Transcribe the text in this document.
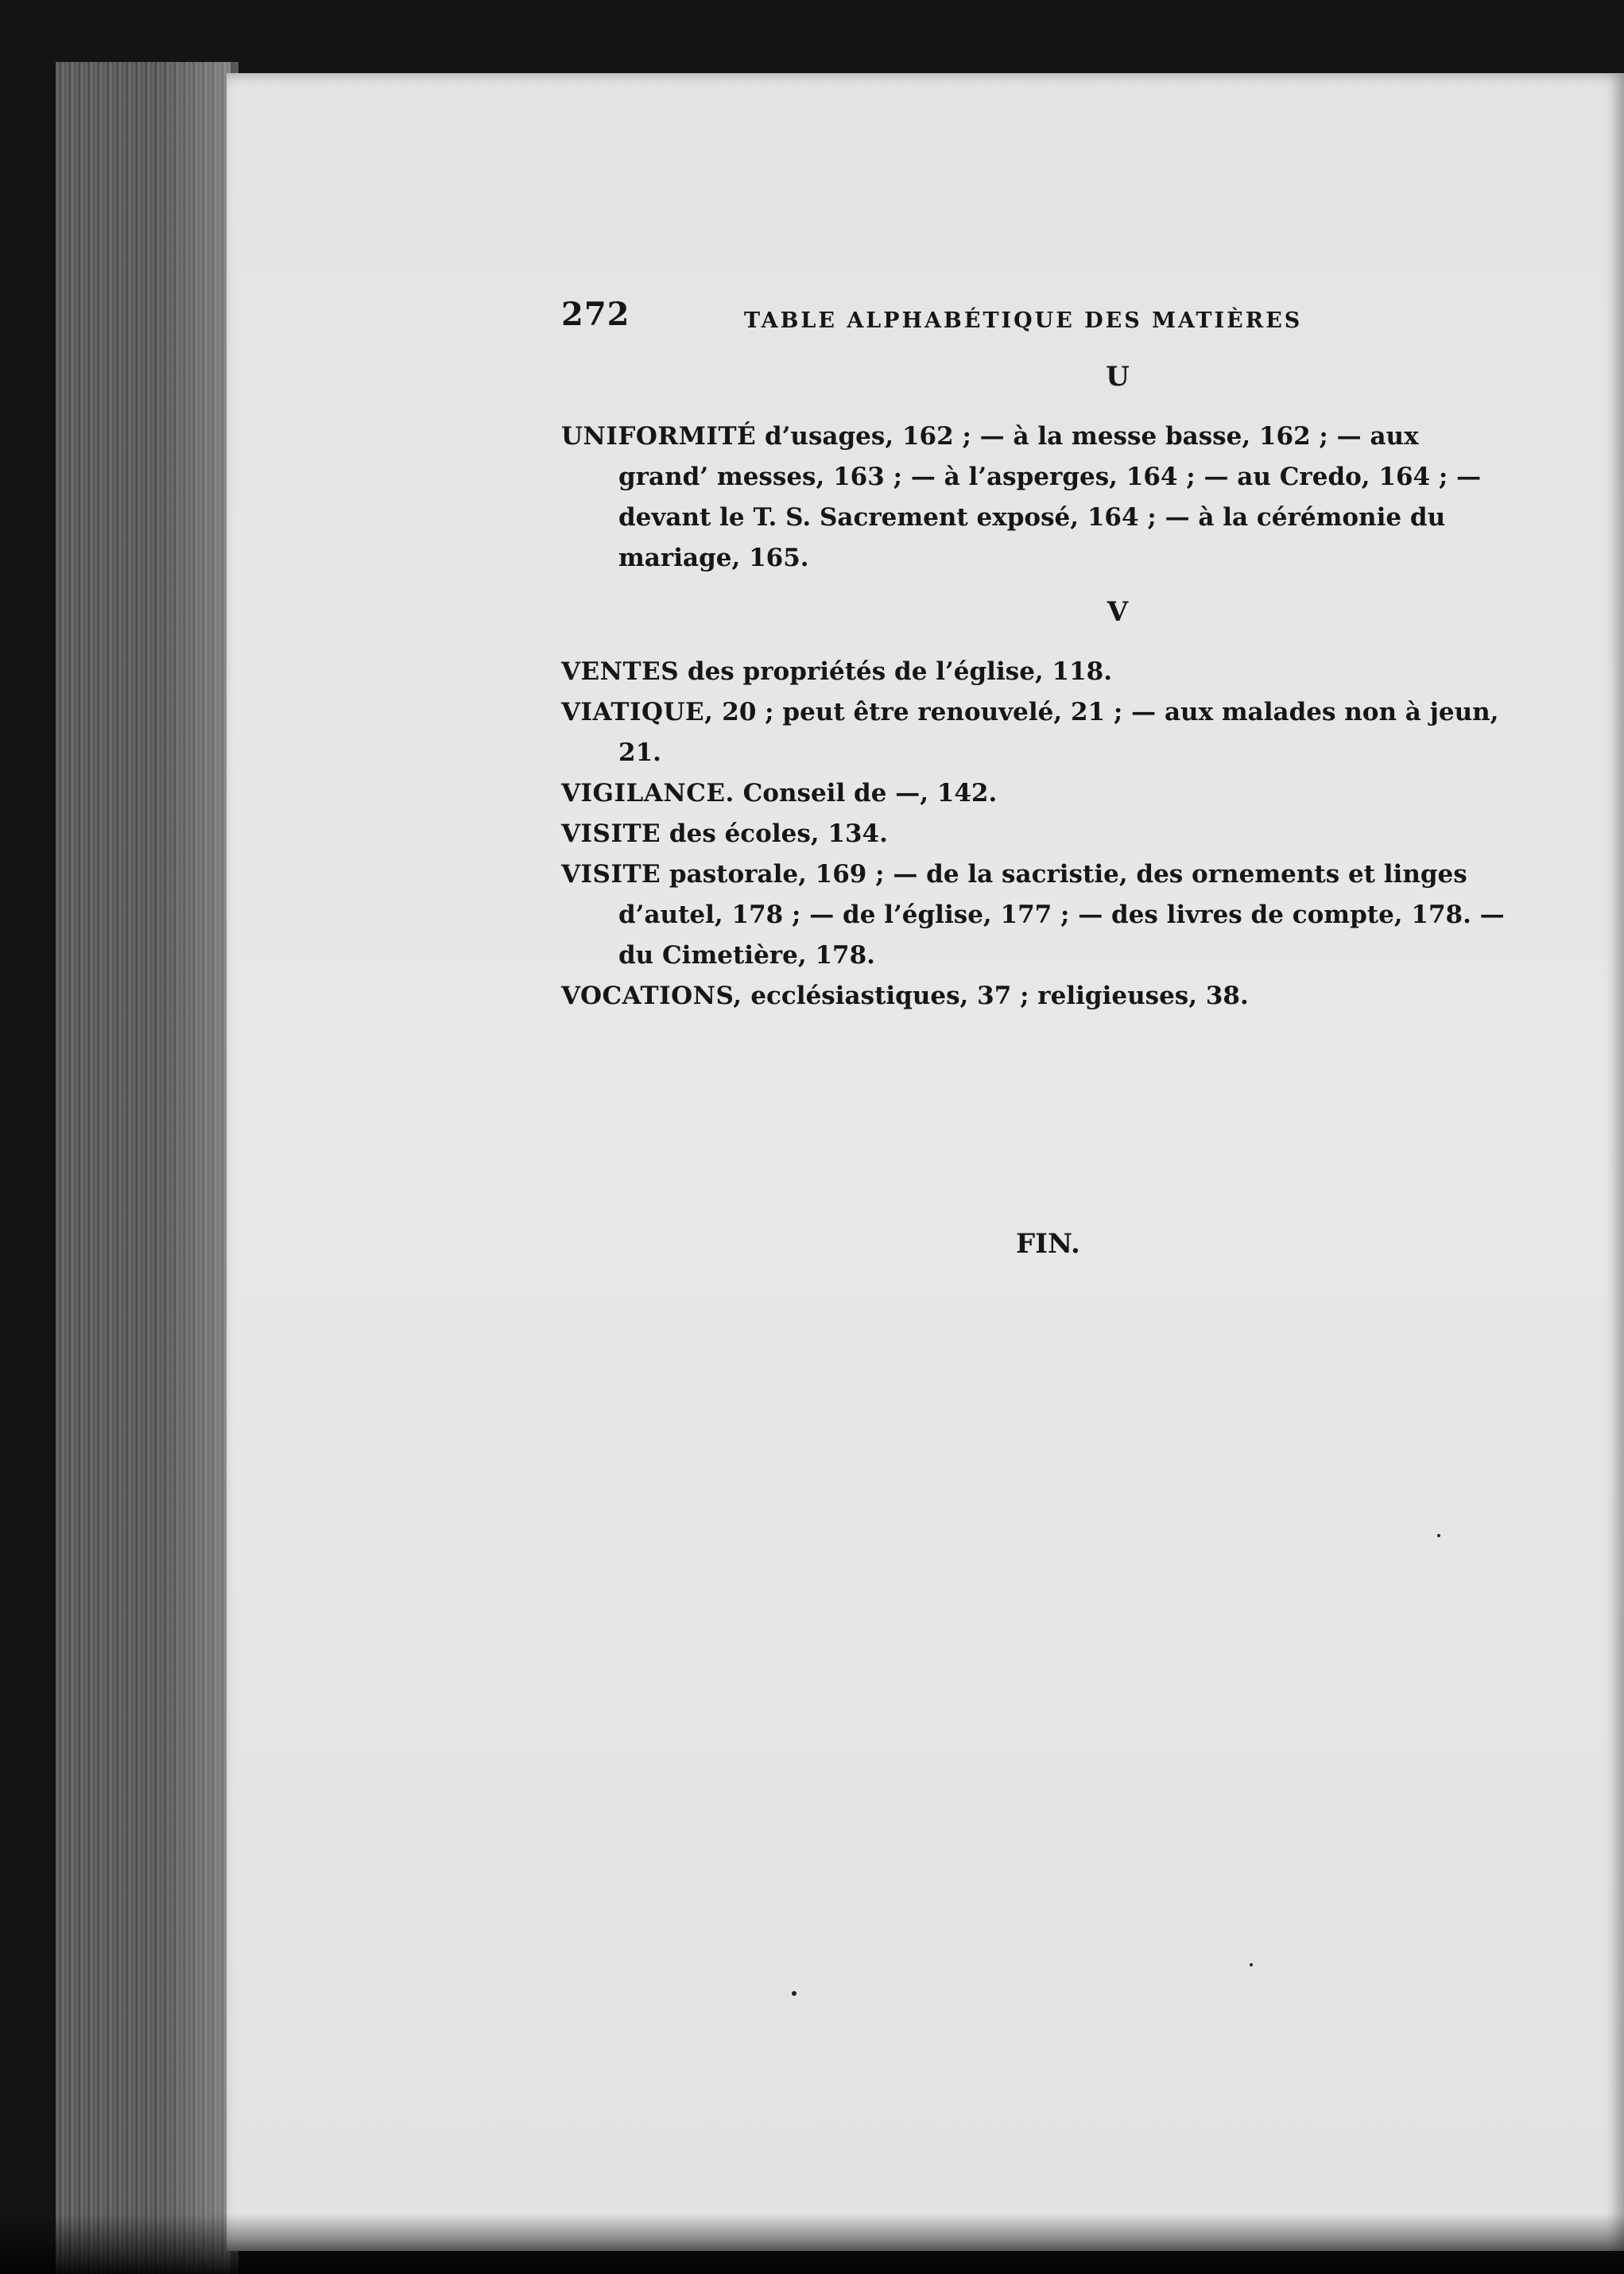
272	TABLE ALPHABÉTIQUE DES MATIÈRES
U

UNIFORMITÉ d’usages, 162 ; — à la messe basse, 162 ; — aux grand’ messes, 163 ; — à l’asperges, 164 ; — au Credo, 164 ; — devant le T. S. Sacrement exposé, 164 ; — à la cérémonie du mariage, 165.

V

VENTES des propriétés de l’église, 118.

VIATIQUE, 20 ; peut être renouvelé, 21 ; — aux malades non à jeun, 21.

VIGILANCE. Conseil de —, 142.

VISITE des écoles, 134.

VISITE pastorale, 169 ; — de la sacristie, des ornements et linges d’autel, 178 ; — de l’église, 177 ; — des livres de compte, 178. — du Cimetière, 178.

VOCATIONS, ecclésiastiques, 37 ; religieuses, 38.

FIN.
